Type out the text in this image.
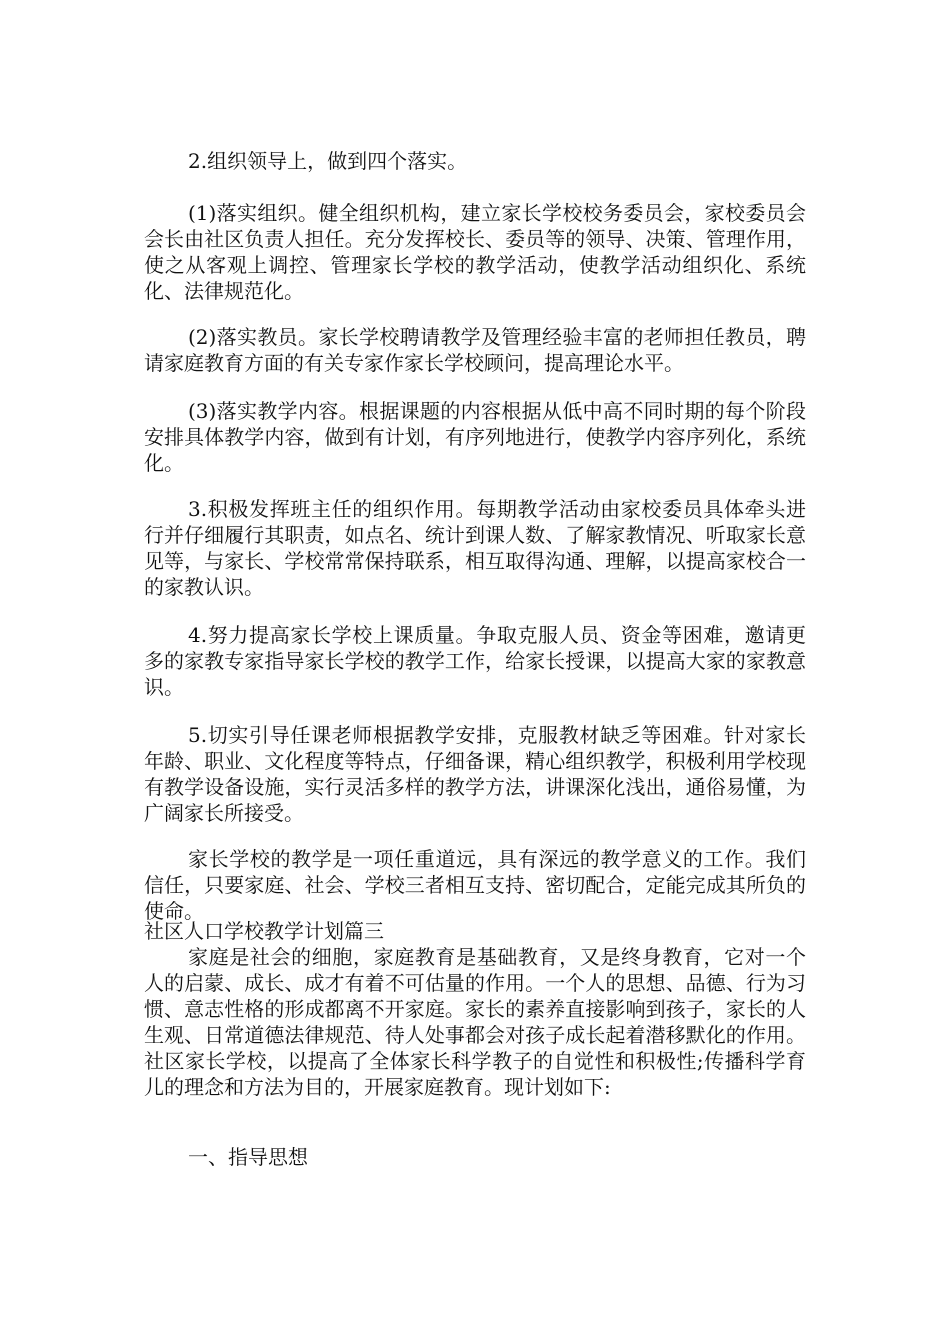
2.组织领导上，做到四个落实。

(1)落实组织。健全组织机构，建立家长学校校务委员会，家校委员会会长由社区负责人担任。充分发挥校长、委员等的领导、决策、管理作用，使之从客观上调控、管理家长学校的教学活动，使教学活动组织化、系统化、法律规范化。

(2)落实教员。家长学校聘请教学及管理经验丰富的老师担任教员，聘请家庭教育方面的有关专家作家长学校顾问，提高理论水平。

(3)落实教学内容。根据课题的内容根据从低中高不同时期的每个阶段安排具体教学内容，做到有计划，有序列地进行，使教学内容序列化，系统化。

3.积极发挥班主任的组织作用。每期教学活动由家校委员具体牵头进行并仔细履行其职责，如点名、统计到课人数、了解家教情况、听取家长意见等，与家长、学校常常保持联系，相互取得沟通、理解，以提高家校合一的家教认识。

4.努力提高家长学校上课质量。争取克服人员、资金等困难，邀请更多的家教专家指导家长学校的教学工作，给家长授课，以提高大家的家教意识。

5.切实引导任课老师根据教学安排，克服教材缺乏等困难。针对家长年龄、职业、文化程度等特点，仔细备课，精心组织教学，积极利用学校现有教学设备设施，实行灵活多样的教学方法，讲课深化浅出，通俗易懂，为广阔家长所接受。

家长学校的教学是一项任重道远，具有深远的教学意义的工作。我们信任，只要家庭、社会、学校三者相互支持、密切配合，定能完成其所负的使命。

社区人口学校教学计划篇三

家庭是社会的细胞，家庭教育是基础教育，又是终身教育，它对一个人的启蒙、成长、成才有着不可估量的作用。一个人的思想、品德、行为习惯、意志性格的形成都离不开家庭。家长的素养直接影响到孩子，家长的人生观、日常道德法律规范、待人处事都会对孩子成长起着潜移默化的作用。社区家长学校，以提高了全体家长科学教子的自觉性和积极性;传播科学育儿的理念和方法为目的，开展家庭教育。现计划如下:

一、指导思想
